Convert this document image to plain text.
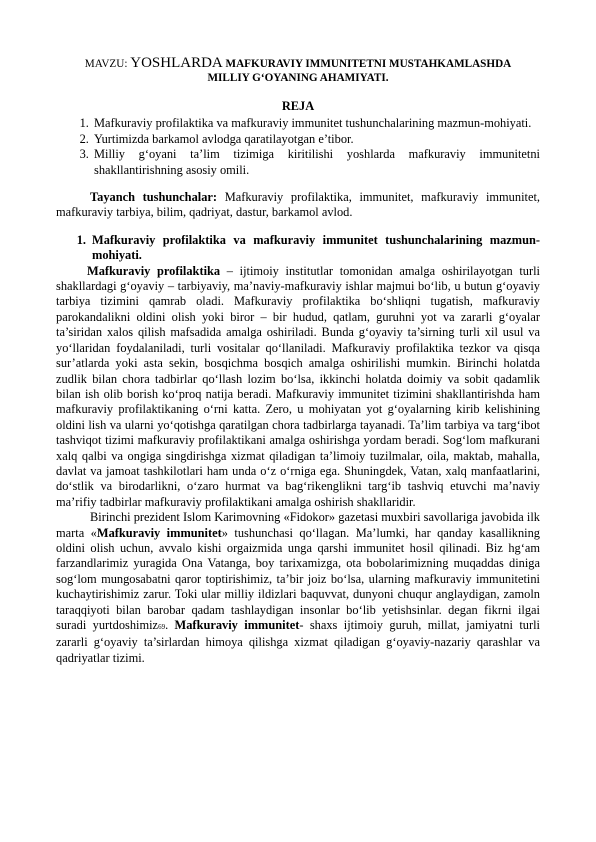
MAVZU: YOSHLARDA MAFKURAVIY IMMUNITETNI MUSTAHKAMLASHDA
MILLIY G‘OYANING AHAMIYATI.
REJA
1. Mafkuraviy profilaktika va mafkuraviy immunitet tushunchalarining mazmun-mohiyati.
2. Yurtimizda barkamol avlodga qaratilayotgan e’tibor.
3. Milliy g‘oyani ta’lim tizimiga kiritilishi yoshlarda mafkuraviy immunitetni shakllantirishning asosiy omili.

Tayanch tushunchalar: Mafkuraviy profilaktika, immunitet, mafkuraviy immunitet, mafkuraviy tarbiya, bilim, qadriyat, dastur, barkamol avlod.

1. Mafkuraviy profilaktika va mafkuraviy immunitet tushunchalarining mazmun-mohiyati.

Mafkuraviy profilaktika – ijtimoiy institutlar tomonidan amalga oshirilayotgan turli shakllardagi g‘oyaviy – tarbiyaviy, ma’naviy-mafkuraviy ishlar majmui bo‘lib, u butun g‘oyaviy tarbiya tizimini qamrab oladi. Mafkuraviy profilaktika bo‘shliqni tugatish, mafkuraviy parokandalikni oldini olish yoki biror – bir hudud, qatlam, guruhni yot va zararli g‘oyalar ta’siridan xalos qilish mafsadida amalga oshiriladi. Bunda g‘oyaviy ta’sirning turli xil usul va yo‘llaridan foydalaniladi, turli vositalar qo‘llaniladi. Mafkuraviy profilaktika tezkor va qisqa sur’atlarda yoki asta sekin, bosqichma bosqich amalga oshirilishi mumkin. Birinchi holatda zudlik bilan chora tadbirlar qo‘llash lozim bo‘lsa, ikkinchi holatda doimiy va sobit qadamlik bilan ish olib borish ko‘proq natija beradi. Mafkuraviy immunitet tizimini shakllantirishda ham mafkuraviy profilaktikaning o‘rni katta. Zero, u mohiyatan yot g‘oyalarning kirib kelishining oldini lish va ularni yo‘qotishga qaratilgan chora tadbirlarga tayanadi. Ta’lim tarbiya va targ‘ibot tashviqot tizimi mafkuraviy profilaktikani amalga oshirishga yordam beradi. Sog‘lom mafkurani xalq qalbi va ongiga singdirishga xizmat qiladigan ta’limoiy tuzilmalar, oila, maktab, mahalla, davlat va jamoat tashkilotlari ham unda o‘z o‘rniga ega. Shuningdek, Vatan, xalq manfaatlarini, do‘stlik va birodarlikni, o‘zaro hurmat va bag‘rikenglikni targ‘ib tashviq etuvchi ma’naviy ma’rifiy tadbirlar mafkuraviy profilaktikani amalga oshirish shakllaridir.

Birinchi prezident Islom Karimovning «Fidokor» gazetasi muxbiri savollariga javobida ilk marta «Mafkuraviy immunitet» tushunchasi qo‘llagan. Ma’lumki, har qanday kasallikning oldini olish uchun, avvalo kishi orgaizmida unga qarshi immunitet hosil qilinadi. Biz hg‘am farzandlarimiz yuragida Ona Vatanga, boy tarixamizga, ota bobolarimizning muqaddas diniga sog‘lom mungosabatni qaror toptirishimiz, ta’bir joiz bo‘lsa, ularning mafkuraviy immunitetini kuchaytirishimiz zarur. Toki ular milliy ildizlari baquvvat, dunyoni chuqur anglaydigan, zamoln taraqqiyoti bilan barobar qadam tashlaydigan insonlar bo‘lib yetishsinlar. degan fikrni ilgai suradi yurtdoshimiz69. Mafkuraviy immunitet- shaxs ijtimoiy guruh, millat, jamiyatni turli zararli g‘oyaviy ta’sirlardan himoya qilishga xizmat qiladigan g‘oyaviy-nazariy qarashlar va qadriyatlar tizimi.
